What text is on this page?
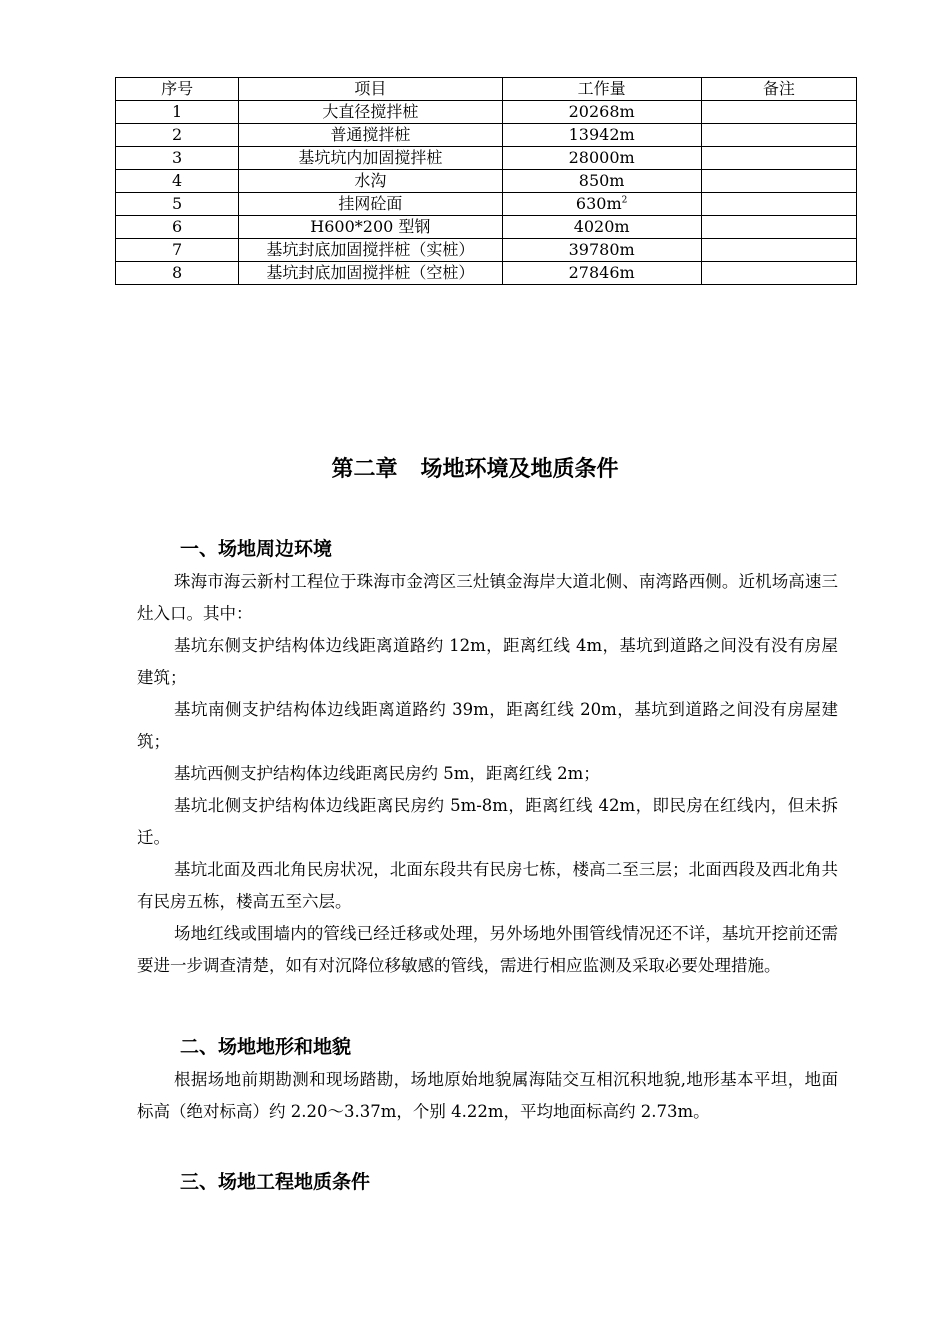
序号	项目	工作量	备注
1	大直径搅拌桩	20268m	
2	普通搅拌桩	13942m	
3	基坑坑内加固搅拌桩	28000m	
4	水沟	850m	
5	挂网砼面	$630m^2$	
6	H600*200 型钢	4020m	
7	基坑封底加固搅拌桩（实桩）	39780m	
8	基坑封底加固搅拌桩（空桩）	27846m	
第二章   场地环境及地质条件
一、场地周边环境

珠海市海云新村工程位于珠海市金湾区三灶镇金海岸大道北侧、南湾路西侧。近机场高速三灶入口。其中：

基坑东侧支护结构体边线距离道路约 12m，距离红线 4m，基坑到道路之间没有没有房屋建筑；

基坑南侧支护结构体边线距离道路约 39m，距离红线 20m，基坑到道路之间没有房屋建筑；

基坑西侧支护结构体边线距离民房约 5m，距离红线 2m；

基坑北侧支护结构体边线距离民房约 5m-8m，距离红线 42m，即民房在红线内，但未拆迁。

基坑北面及西北角民房状况，北面东段共有民房七栋，楼高二至三层；北面西段及西北角共有民房五栋，楼高五至六层。

场地红线或围墙内的管线已经迁移或处理，另外场地外围管线情况还不详，基坑开挖前还需要进一步调查清楚，如有对沉降位移敏感的管线，需进行相应监测及采取必要处理措施。

二、场地地形和地貌

根据场地前期勘测和现场踏勘，场地原始地貌属海陆交互相沉积地貌,地形基本平坦，地面标高（绝对标高）约 2.20～3.37m，个别 4.22m，平均地面标高约 2.73m。

三、场地工程地质条件
